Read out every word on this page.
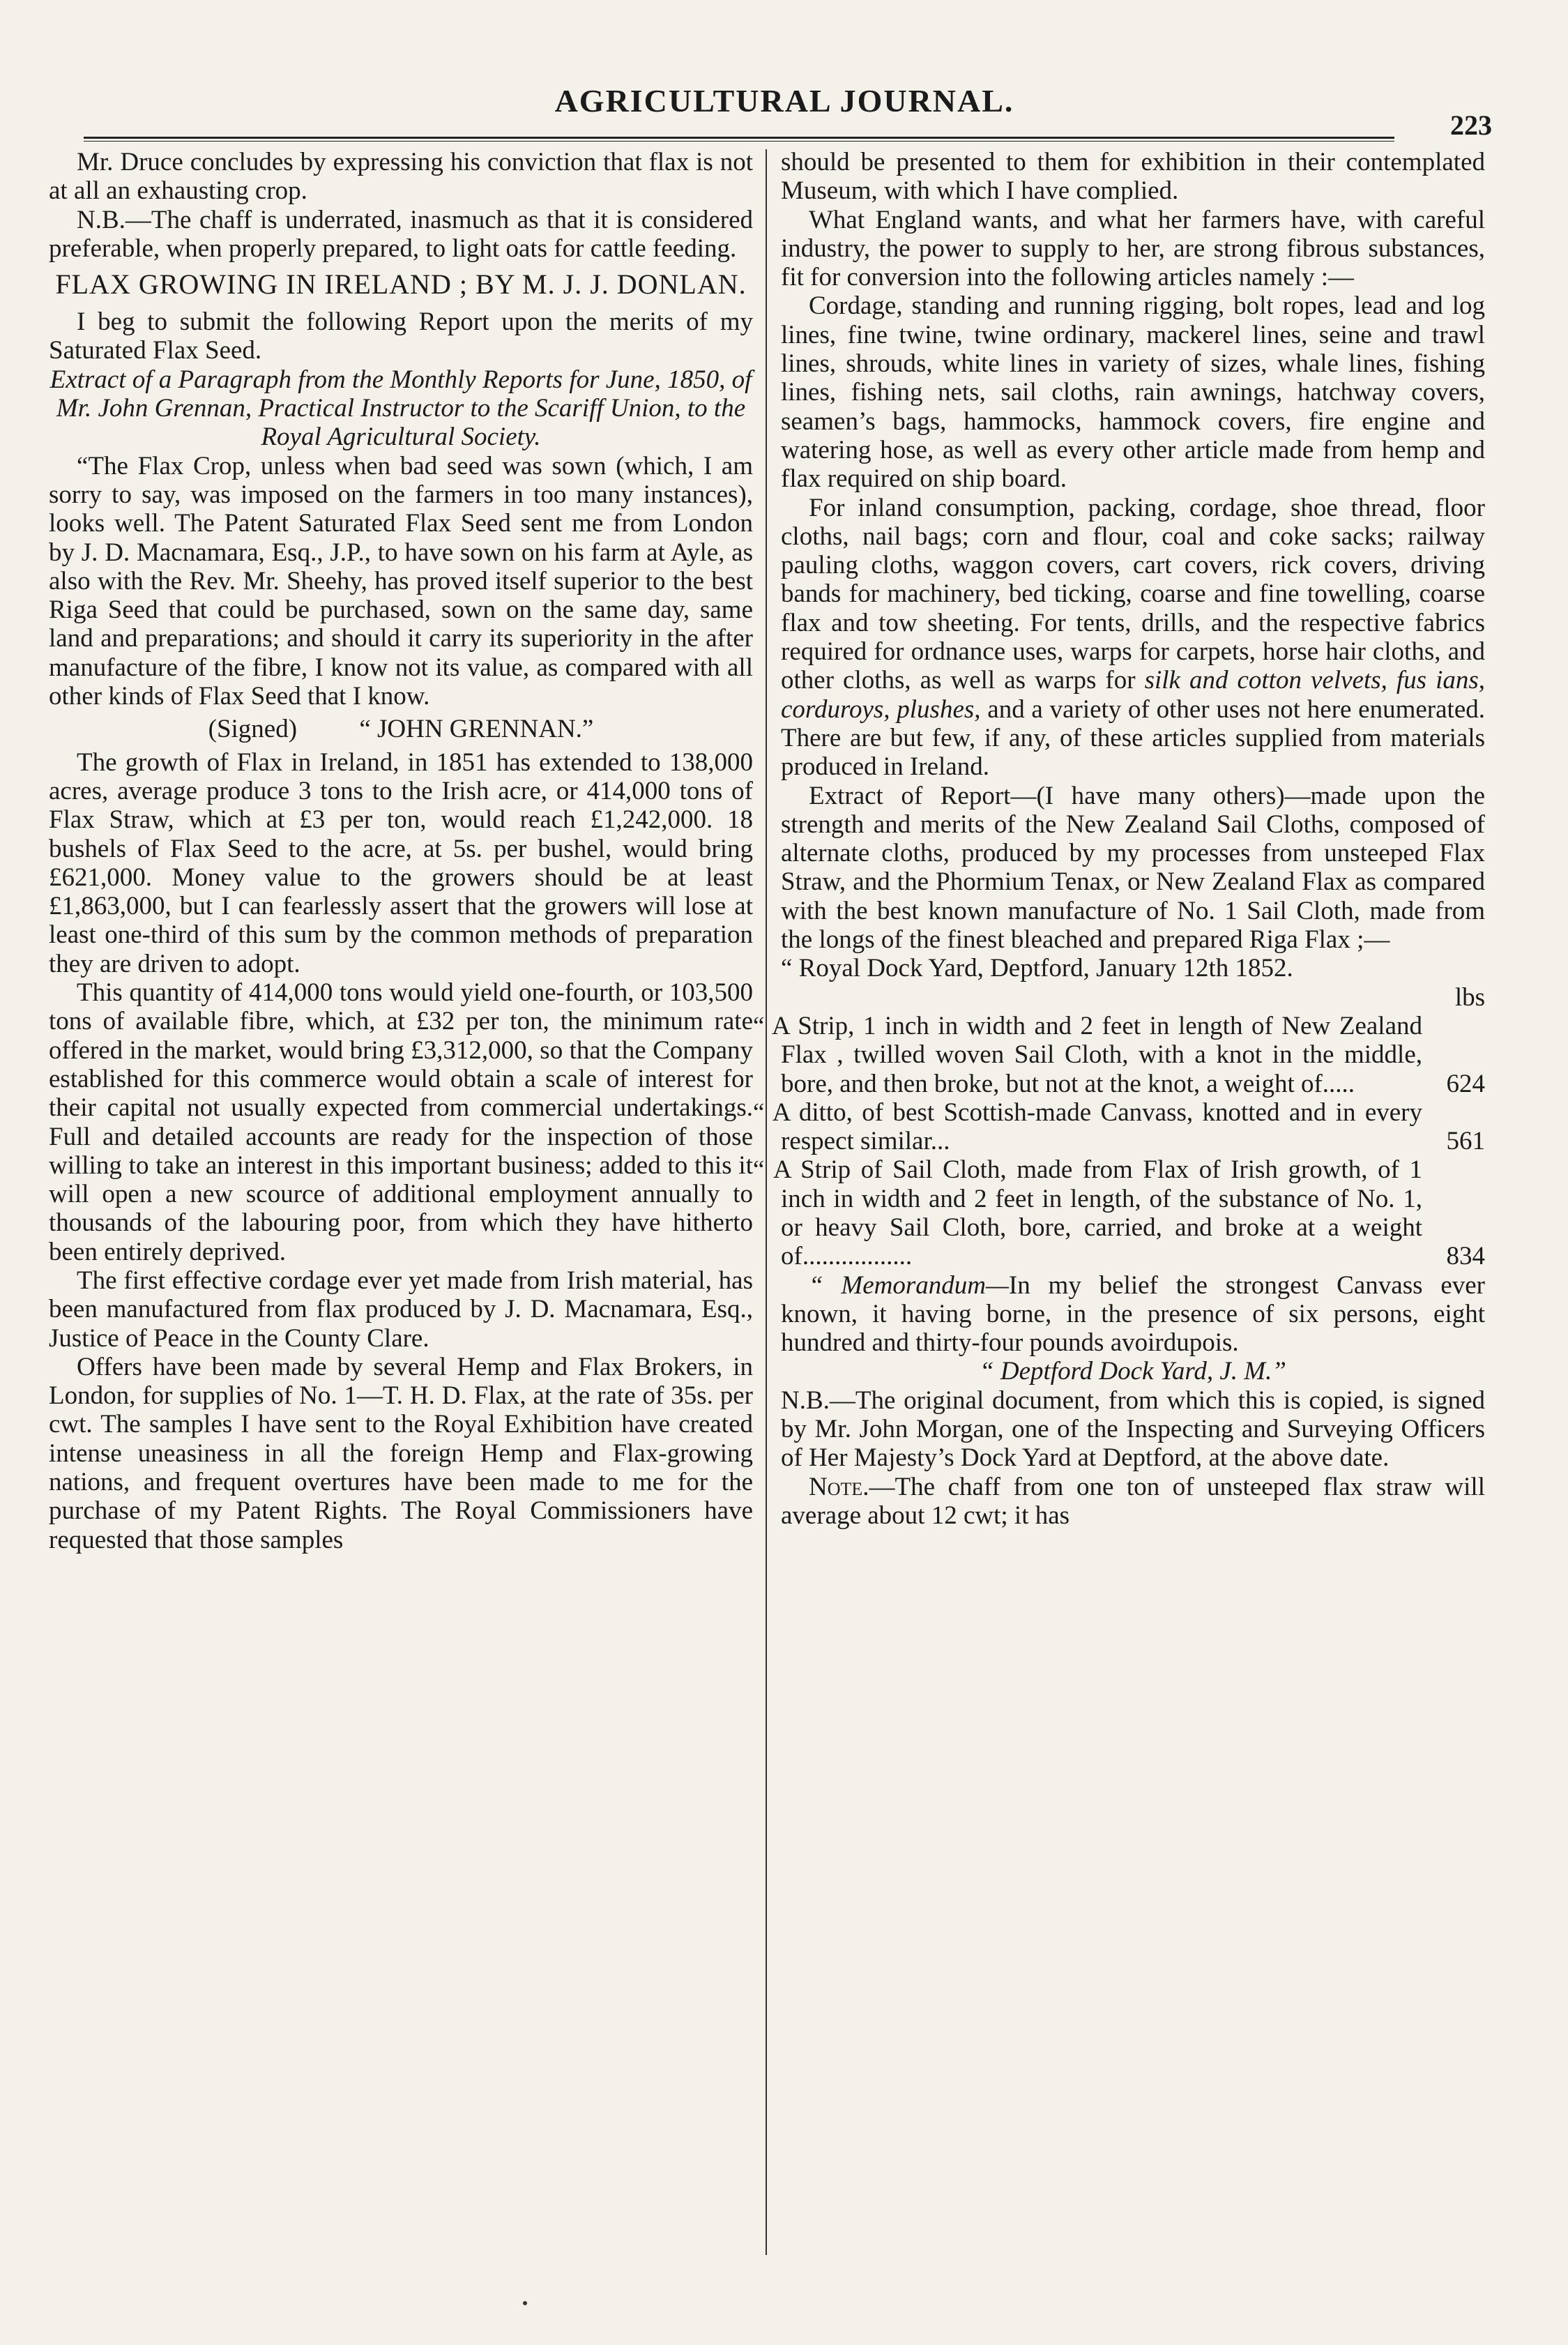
AGRICULTURAL JOURNAL.
223

Mr. Druce concludes by expressing his conviction that flax is not at all an exhausting crop.

N.B.—The chaff is underrated, inasmuch as that it is considered preferable, when properly prepared, to light oats for cattle feeding.

FLAX GROWING IN IRELAND ; BY M. J. J. DONLAN.

I beg to submit the following Report upon the merits of my Saturated Flax Seed.

Extract of a Paragraph from the Monthly Reports for June, 1850, of Mr. John Grennan, Practical Instructor to the Scariff Union, to the Royal Agricultural Society.

“The Flax Crop, unless when bad seed was sown (which, I am sorry to say, was imposed on the farmers in too many instances), looks well. The Patent Saturated Flax Seed sent me from London by J. D. Macnamara, Esq., J.P., to have sown on his farm at Ayle, as also with the Rev. Mr. Sheehy, has proved itself superior to the best Riga Seed that could be purchased, sown on the same day, same land and preparations; and should it carry its superiority in the after manufacture of the fibre, I know not its value, as compared with all other kinds of Flax Seed that I know.

(Signed) “ JOHN GRENNAN.”

The growth of Flax in Ireland, in 1851 has extended to 138,000 acres, average produce 3 tons to the Irish acre, or 414,000 tons of Flax Straw, which at £3 per ton, would reach £1,242,000. 18 bushels of Flax Seed to the acre, at 5s. per bushel, would bring £621,000. Money value to the growers should be at least £1,863,000, but I can fearlessly assert that the growers will lose at least one-third of this sum by the common methods of preparation they are driven to adopt.

This quantity of 414,000 tons would yield one-fourth, or 103,500 tons of available fibre, which, at £32 per ton, the minimum rate offered in the market, would bring £3,312,000, so that the Company established for this commerce would obtain a scale of interest for their capital not usually expected from commercial undertakings. Full and detailed accounts are ready for the inspection of those willing to take an interest in this important business; added to this it will open a new scource of additional employment annually to thousands of the labouring poor, from which they have hitherto been entirely deprived.

The first effective cordage ever yet made from Irish material, has been manufactured from flax produced by J. D. Macnamara, Esq., Justice of Peace in the County Clare.

Offers have been made by several Hemp and Flax Brokers, in London, for supplies of No. 1—T. H. D. Flax, at the rate of 35s. per cwt. The samples I have sent to the Royal Exhibition have created intense uneasiness in all the foreign Hemp and Flax-growing nations, and frequent overtures have been made to me for the purchase of my Patent Rights. The Royal Commissioners have requested that those samples

should be presented to them for exhibition in their contemplated Museum, with which I have complied.

What England wants, and what her farmers have, with careful industry, the power to supply to her, are strong fibrous substances, fit for conversion into the following articles namely :—

Cordage, standing and running rigging, bolt ropes, lead and log lines, fine twine, twine ordinary, mackerel lines, seine and trawl lines, shrouds, white lines in variety of sizes, whale lines, fishing lines, fishing nets, sail cloths, rain awnings, hatchway covers, seamen’s bags, hammocks, hammock covers, fire engine and watering hose, as well as every other article made from hemp and flax required on ship board.

For inland consumption, packing, cordage, shoe thread, floor cloths, nail bags; corn and flour, coal and coke sacks; railway pauling cloths, waggon covers, cart covers, rick covers, driving bands for machinery, bed ticking, coarse and fine towelling, coarse flax and tow sheeting. For tents, drills, and the respective fabrics required for ordnance uses, warps for carpets, horse hair cloths, and other cloths, as well as warps for silk and cotton velvets, fus ians, corduroys, plushes, and a variety of other uses not here enumerated. There are but few, if any, of these articles supplied from materials produced in Ireland.

Extract of Report—(I have many others)—made upon the strength and merits of the New Zealand Sail Cloths, composed of alternate cloths, produced by my processes from unsteeped Flax Straw, and the Phormium Tenax, or New Zealand Flax as compared with the best known manufacture of No. 1 Sail Cloth, made from the longs of the finest bleached and prepared Riga Flax ;—

“ Royal Dock Yard, Deptford, January 12th 1852.

lbs
“ A Strip, 1 inch in width and 2 feet in length of New Zealand Flax , twilled woven Sail Cloth, with a knot in the middle, bore, and then broke, but not at the knot, a weight of.....	624
“ A ditto, of best Scottish-made Canvass, knotted and in every respect similar...	561
“ A Strip of Sail Cloth, made from Flax of Irish growth, of 1 inch in width and 2 feet in length, of the substance of No. 1, or heavy Sail Cloth, bore, carried, and broke at a weight of.................	834

“ Memorandum—In my belief the strongest Canvass ever known, it having borne, in the presence of six persons, eight hundred and thirty-four pounds avoirdupois.

“ Deptford Dock Yard, J. M.”

N.B.—The original document, from which this is copied, is signed by Mr. John Morgan, one of the Inspecting and Surveying Officers of Her Majesty’s Dock Yard at Deptford, at the above date.

Note.—The chaff from one ton of unsteeped flax straw will average about 12 cwt; it has
